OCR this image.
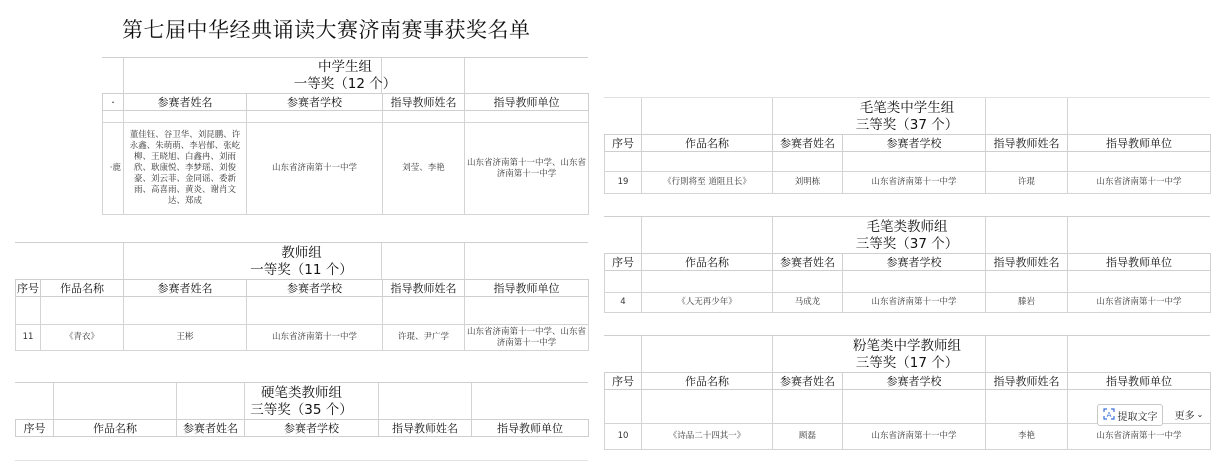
第七届中华经典诵读大赛济南赛事获奖名单
中学生组
一等奖（12 个）
·	参赛者姓名	参赛者学校	指导教师姓名	指导教师单位

·鹿	董佳钰、谷卫华、刘昆鹏、许永鑫、朱萌萌、李岩郁、张屹柳、王晓旭、白鑫冉、刘雨欣、耿康悦、李梦瑶、刘俊豪、刘云菲、金同谣、委新雨、高喜雨、黄炎、谢肖文达、郑成	山东省济南第十一中学	刘莹、李艳	山东省济南第十一中学、山东省济南第十一中学
教师组
一等奖（11 个）
序号	作品名称	参赛者姓名	参赛者学校	指导教师姓名	指导教师单位

11	《青衣》	王彬	山东省济南第十一中学	许琨、尹广学	山东省济南第十一中学、山东省济南第十一中学
硬笔类教师组
三等奖（35 个）
序号	作品名称	参赛者姓名	参赛者学校	指导教师姓名	指导教师单位
毛笔类中学生组
三等奖（37 个）
序号	作品名称	参赛者姓名	参赛者学校	指导教师姓名	指导教师单位

19	《行則将至 道阻且长》	刘明栋	山东省济南第十一中学	许琨	山东省济南第十一中学
毛笔类教师组
三等奖（37 个）
序号	作品名称	参赛者姓名	参赛者学校	指导教师姓名	指导教师单位

4	《人无再少年》	马成龙	山东省济南第十一中学	滕岩	山东省济南第十一中学
粉笔类中学教师组
三等奖（17 个）
序号	作品名称	参赛者姓名	参赛者学校	指导教师姓名	指导教师单位

10	《诗品二十四其一》	顾磊	山东省济南第十一中学	李艳	山东省济南第十一中学
A 提取文字 更多 ⌄
